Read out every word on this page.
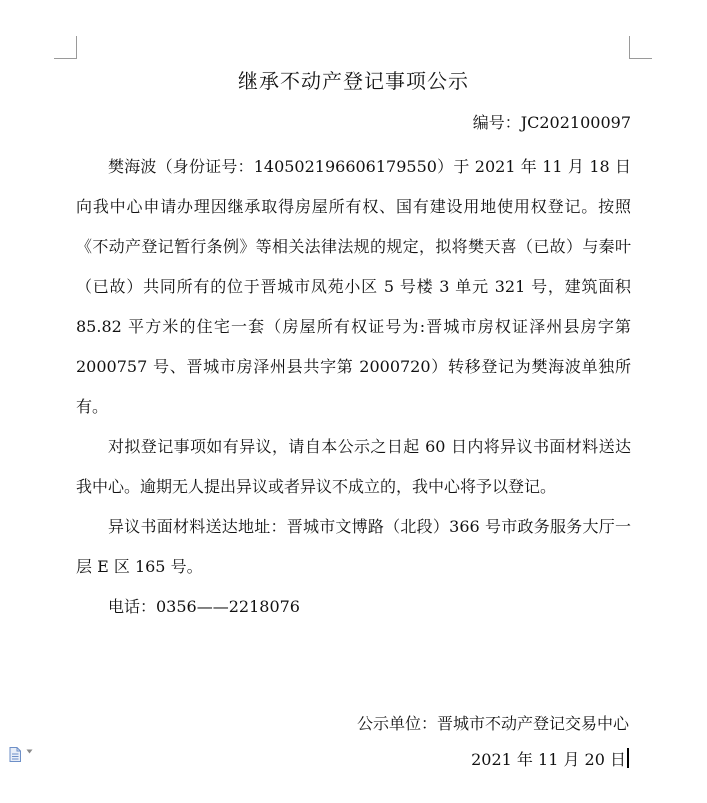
继承不动产登记事项公示
编号：JC202100097

樊海波（身份证号：140502196606179550）于 2021 年 11 月 18 日向我中心申请办理因继承取得房屋所有权、国有建设用地使用权登记。按照《不动产登记暂行条例》等相关法律法规的规定，拟将樊天喜（已故）与秦叶（已故）共同所有的位于晋城市凤苑小区 5 号楼 3 单元 321 号，建筑面积 85.82 平方米的住宅一套（房屋所有权证号为:晋城市房权证泽州县房字第 2000757 号、晋城市房泽州县共字第 2000720）转移登记为樊海波单独所有。

对拟登记事项如有异议，请自本公示之日起 60 日内将异议书面材料送达我中心。逾期无人提出异议或者异议不成立的，我中心将予以登记。

异议书面材料送达地址：晋城市文博路（北段）366 号市政务服务大厅一层 E 区 165 号。

电话：0356——2218076

公示单位：晋城市不动产登记交易中心
2021 年 11 月 20 日
